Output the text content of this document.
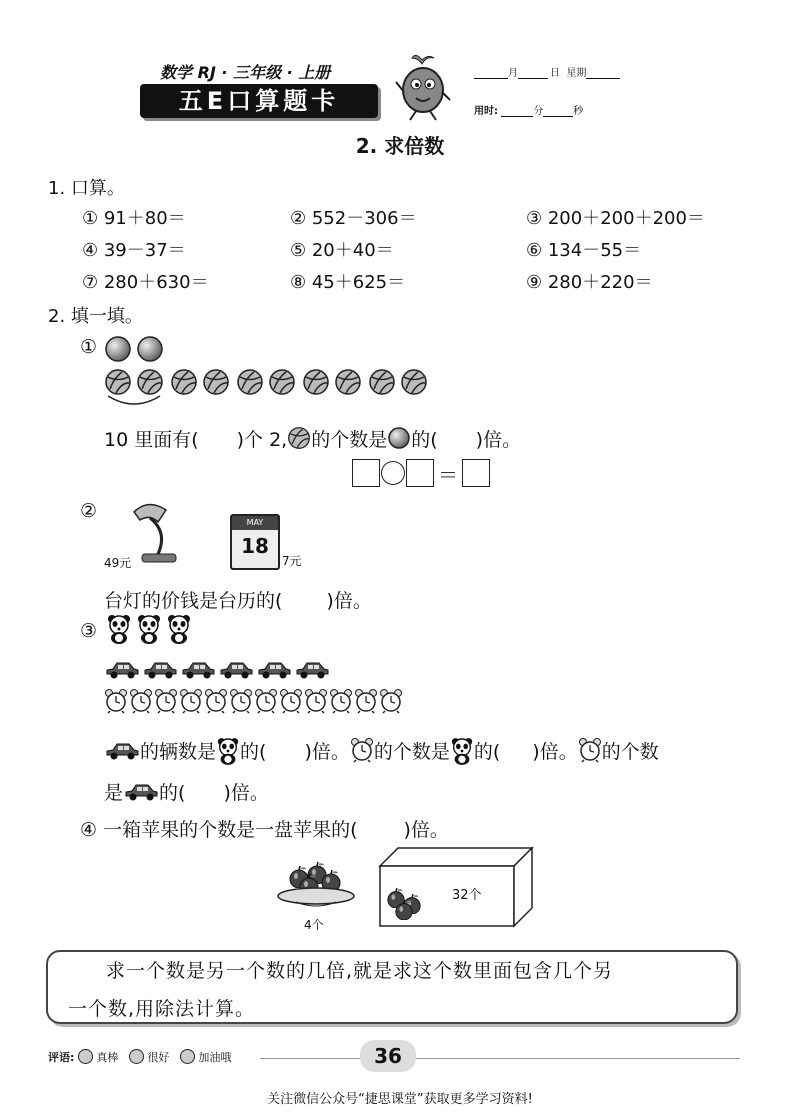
数学 RJ · 三年级 · 上册
五E口算题卡
月	日 星期
用时:	分	秒
2. 求倍数
1. 口算。
① 91＋80＝	② 552－306＝	③ 200＋200＋200＝
④ 39－37＝	⑤ 20＋40＝	⑥ 134－55＝
⑦ 280＋630＝	⑧ 45＋625＝	⑨ 280＋220＝
2. 填一填。
①
10 里面有( )个 2, 的个数是 的( )倍。
＝
②
49元
MAY
18
7元
台灯的价钱是台历的( )倍。
③
的辆数是 的( )倍。 的个数是 的( )倍。 的个数
是 的( )倍。
④ 一箱苹果的个数是一盘苹果的( )倍。
4个
32个

求一个数是另一个数的几倍,就是求这个数里面包含几个另

一个数,用除法计算。

评语: 真棒	很好	加油哦	36
关注微信公众号“捷思课堂”获取更多学习资料!
